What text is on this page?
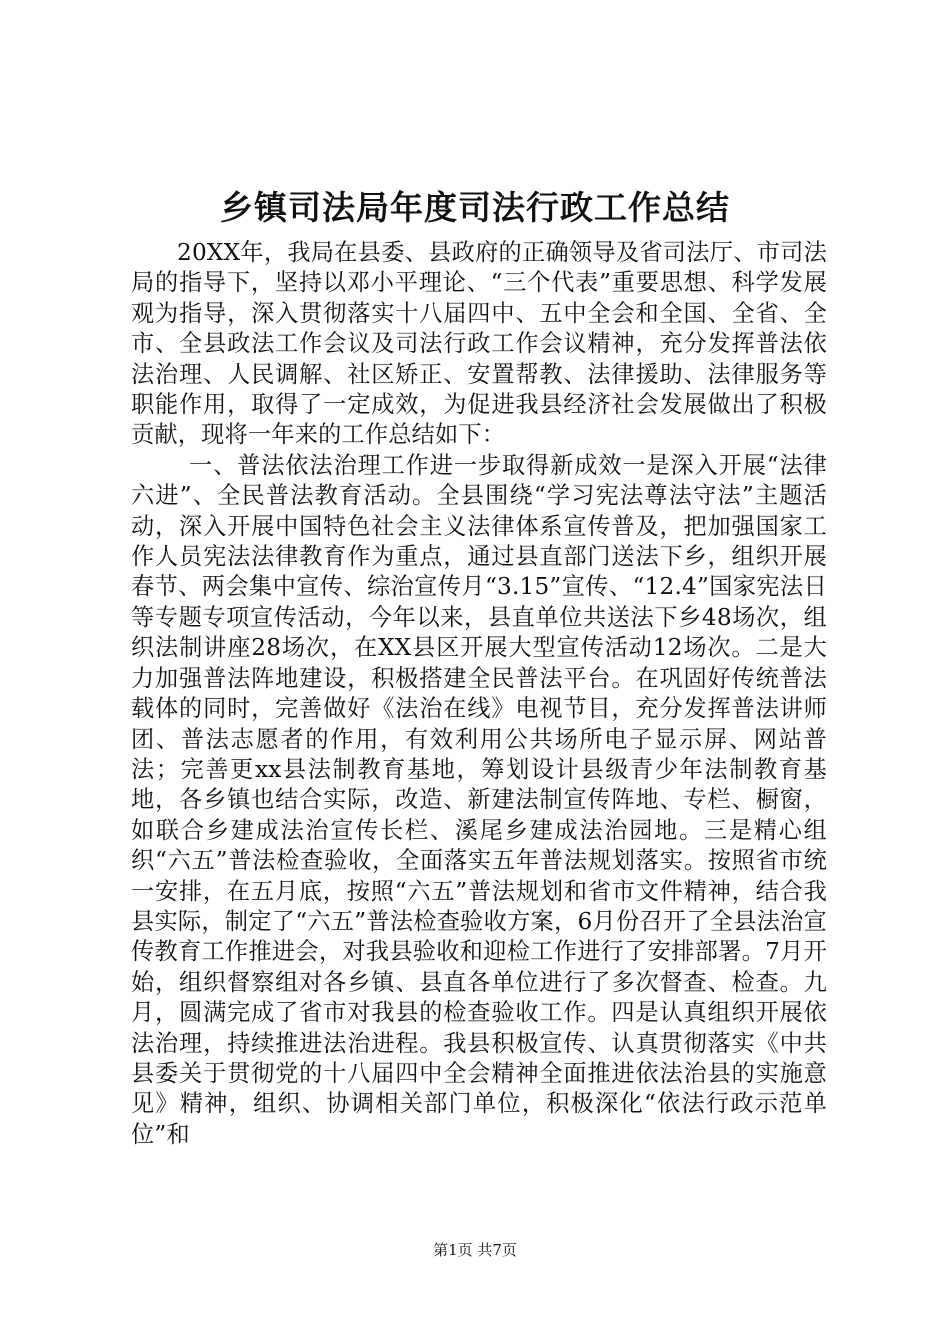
乡镇司法局年度司法行政工作总结

20XX年，我局在县委、县政府的正确领导及省司法厅、市司法局的指导下，坚持以邓小平理论、“三个代表”重要思想、科学发展观为指导，深入贯彻落实十八届四中、五中全会和全国、全省、全市、全县政法工作会议及司法行政工作会议精神，充分发挥普法依法治理、人民调解、社区矫正、安置帮教、法律援助、法律服务等职能作用，取得了一定成效，为促进我县经济社会发展做出了积极贡献，现将一年来的工作总结如下：

一、普法依法治理工作进一步取得新成效一是深入开展“法律六进”、全民普法教育活动。全县围绕“学习宪法尊法守法”主题活动，深入开展中国特色社会主义法律体系宣传普及，把加强国家工作人员宪法法律教育作为重点，通过县直部门送法下乡，组织开展春节、两会集中宣传、综治宣传月“3.15”宣传、“12.4”国家宪法日等专题专项宣传活动，今年以来，县直单位共送法下乡48场次，组织法制讲座28场次，在XX县区开展大型宣传活动12场次。二是大力加强普法阵地建设，积极搭建全民普法平台。在巩固好传统普法载体的同时，完善做好《法治在线》电视节目，充分发挥普法讲师团、普法志愿者的作用，有效利用公共场所电子显示屏、网站普法；完善更xx县法制教育基地，筹划设计县级青少年法制教育基地，各乡镇也结合实际，改造、新建法制宣传阵地、专栏、橱窗，如联合乡建成法治宣传长栏、溪尾乡建成法治园地。三是精心组织“六五”普法检查验收，全面落实五年普法规划落实。按照省市统一安排，在五月底，按照“六五”普法规划和省市文件精神，结合我县实际，制定了“六五”普法检查验收方案，6月份召开了全县法治宣传教育工作推进会，对我县验收和迎检工作进行了安排部署。7月开始，组织督察组对各乡镇、县直各单位进行了多次督查、检查。九月，圆满完成了省市对我县的检查验收工作。四是认真组织开展依法治理，持续推进法治进程。我县积极宣传、认真贯彻落实《中共县委关于贯彻党的十八届四中全会精神全面推进依法治县的实施意见》精神，组织、协调相关部门单位，积极深化“依法行政示范单位”和

第1页 共7页
